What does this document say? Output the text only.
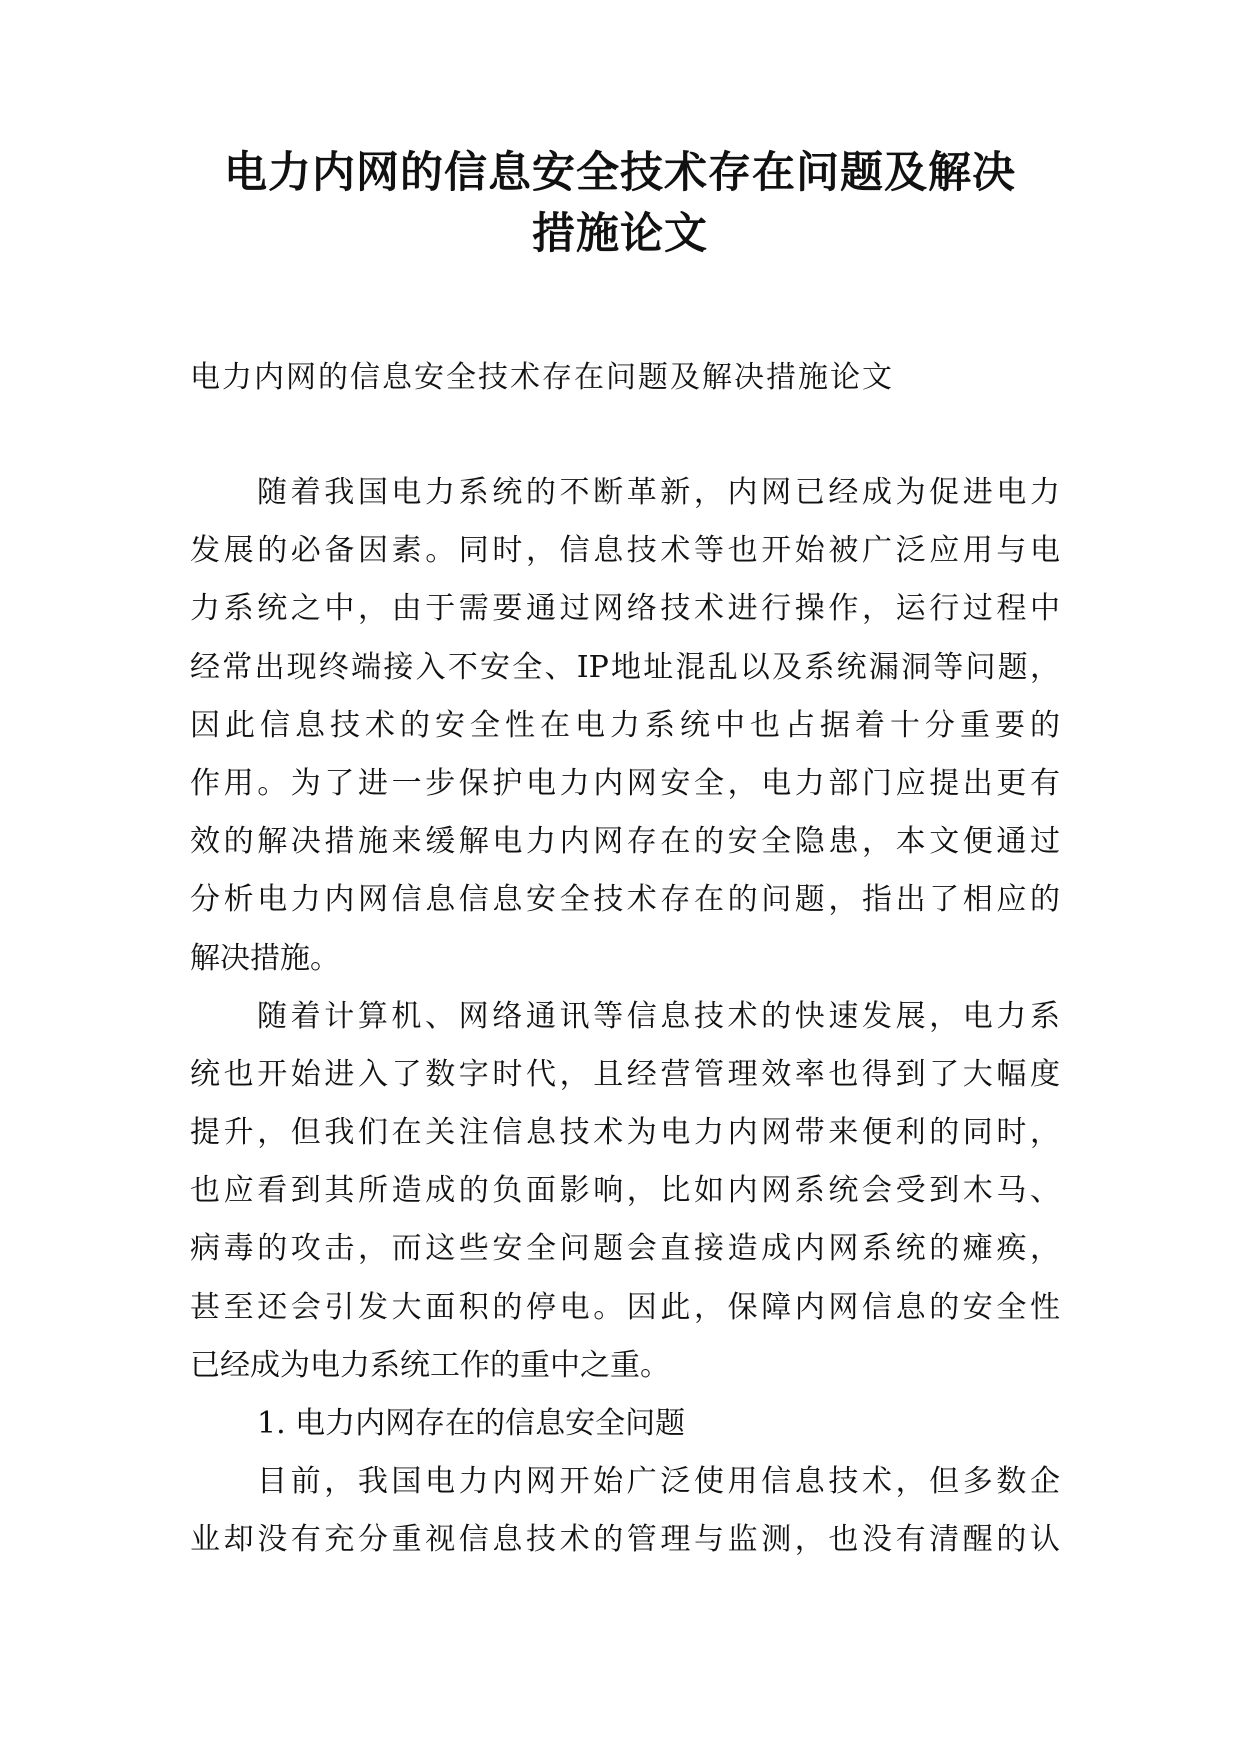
电力内网的信息安全技术存在问题及解决
措施论文

电力内网的信息安全技术存在问题及解决措施论文

随着我国电力系统的不断革新，内网已经成为促进电力
发展的必备因素。同时，信息技术等也开始被广泛应用与电
力系统之中，由于需要通过网络技术进行操作，运行过程中
经常出现终端接入不安全、IP地址混乱以及系统漏洞等问题，
因此信息技术的安全性在电力系统中也占据着十分重要的
作用。为了进一步保护电力内网安全，电力部门应提出更有
效的解决措施来缓解电力内网存在的安全隐患，本文便通过
分析电力内网信息信息安全技术存在的问题，指出了相应的
解决措施。
随着计算机、网络通讯等信息技术的快速发展，电力系
统也开始进入了数字时代，且经营管理效率也得到了大幅度
提升，但我们在关注信息技术为电力内网带来便利的同时，
也应看到其所造成的负面影响，比如内网系统会受到木马、
病毒的攻击，而这些安全问题会直接造成内网系统的瘫痪，
甚至还会引发大面积的停电。因此，保障内网信息的安全性
已经成为电力系统工作的重中之重。
1. 电力内网存在的信息安全问题
目前，我国电力内网开始广泛使用信息技术，但多数企
业却没有充分重视信息技术的管理与监测，也没有清醒的认
